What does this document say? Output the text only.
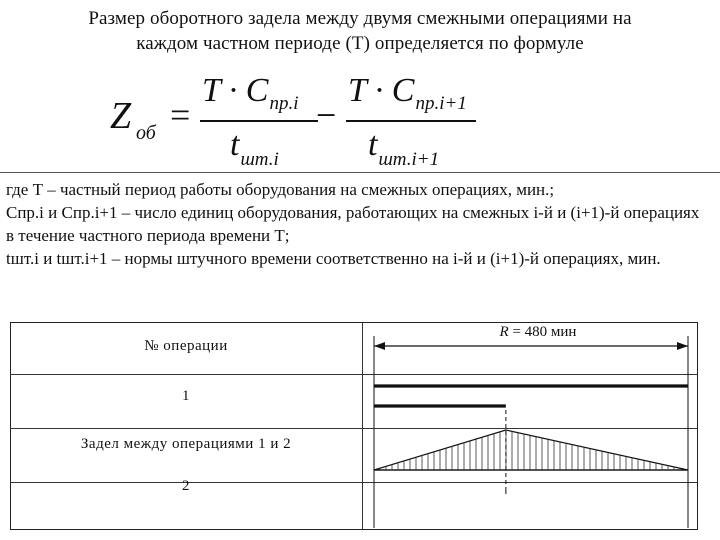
Размер оборотного задела между двумя смежными операциями на
каждом частном периоде (Т) определяется по формуле
Z об =
$T \cdot C_{пр.i}$
$t_{шт.i}$
−
$T \cdot C_{пр.i+1}$
$t_{шт.i+1}$

где Т – частный период работы оборудования на смежных операциях, мин.;

Спр.i и Спр.i+1 – число единиц оборудования, работающих на смежных i-й и (i+1)-й операциях в течение частного периода времени Т;

tшт.i и tшт.i+1 – нормы штучного времени соответственно на i-й и (i+1)-й операциях, мин.

№ операции
1
Задел между операциями 1 и 2
2
R = 480 мин
